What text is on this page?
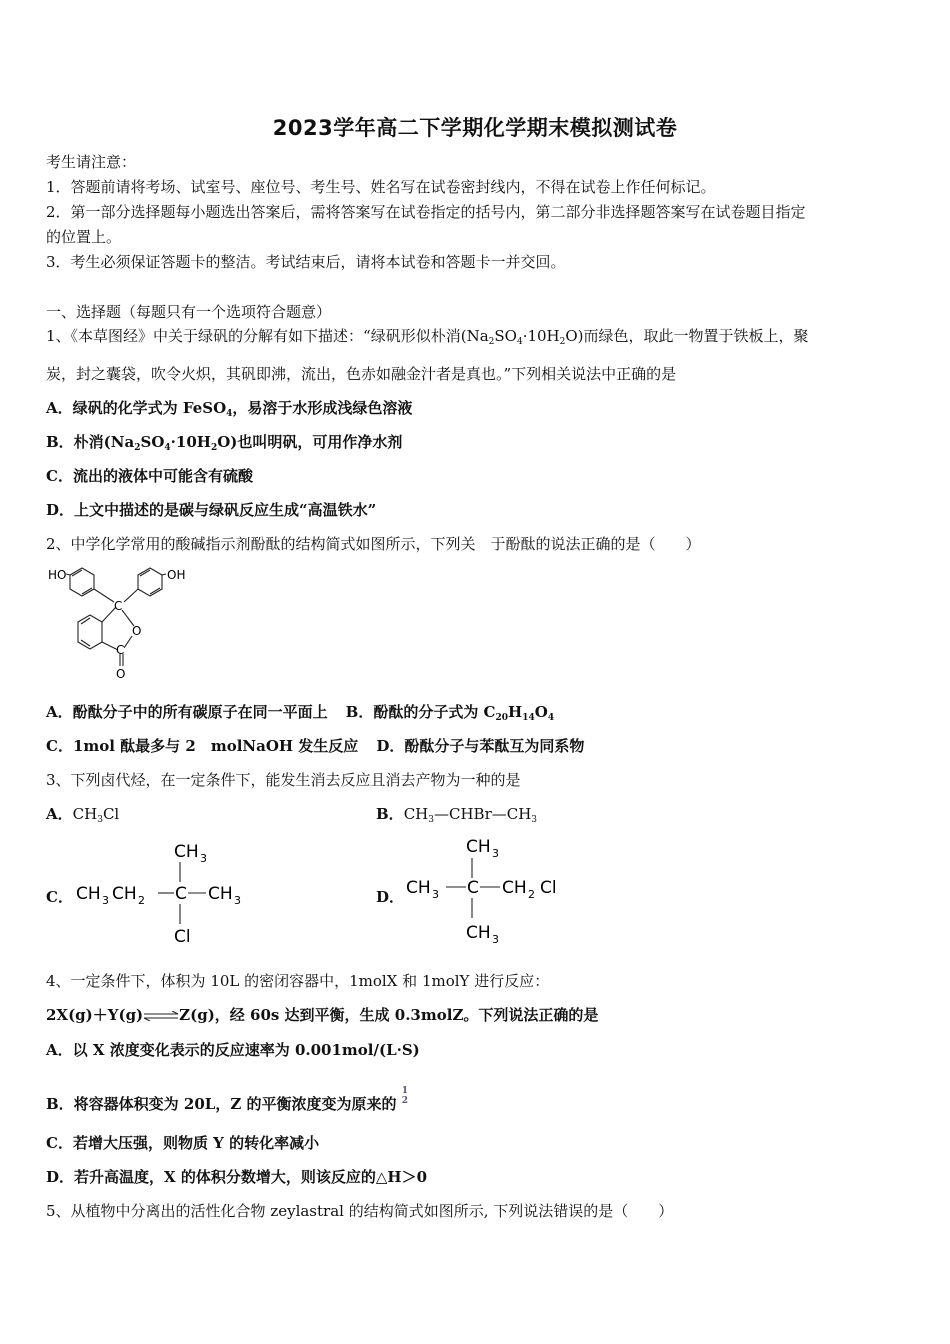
2023学年高二下学期化学期末模拟测试卷
考生请注意：
1．答题前请将考场、试室号、座位号、考生号、姓名写在试卷密封线内，不得在试卷上作任何标记。
2．第一部分选择题每小题选出答案后，需将答案写在试卷指定的括号内，第二部分非选择题答案写在试卷题目指定
的位置上。
3．考生必须保证答题卡的整洁。考试结束后，请将本试卷和答题卡一并交回。
一、选择题（每题只有一个选项符合题意）
1、《本草图经》中关于绿矾的分解有如下描述：“绿矾形似朴消$(Na_2SO_4\cdot 10H_2O)$而绿色，取此一物置于铁板上，聚
炭，封之囊袋，吹令火炽，其矾即沸，流出，色赤如融金汁者是真也。”下列相关说法中正确的是
A．绿矾的化学式为 FeSO$_4$，易溶于水形成浅绿色溶液
B．朴消$(Na_2SO_4\cdot 10H_2O)$也叫明矾，可用作净水剂
C．流出的液体中可能含有硫酸
D．上文中描述的是碳与绿矾反应生成“高温铁水”
2、中学化学常用的酸碱指示剂酚酞的结构简式如图所示，下列关　于酚酞的说法正确的是（　　）
HO	OH
C
O
C
O
A．酚酞分子中的所有碳原子在同一平面上 B．酚酞的分子式为 $C_{20}H_{14}O_4$
C．1mol 酞最多与 2　molNaOH 发生反应 D．酚酞分子与苯酞互为同系物
3、下列卤代烃，在一定条件下，能发生消去反应且消去产物为一种的是
A．$CH_3Cl$	B．$CH_3—CHBr—CH_3$
C．
CH 3
CH 3 CH 2 C CH 3
Cl
D．
CH 3
CH 3 C CH 2 Cl
CH 3
4、一定条件下，体积为 10L 的密闭容器中，1molX 和 1molY 进行反应：
2X(g)＋Y(g)⇌Z(g)，经 60s 达到平衡，生成 0.3molZ。下列说法正确的是
A．以 X 浓度变化表示的反应速率为 0.001mol/(L·S)
B．将容器体积变为 20L，Z 的平衡浓度变为原来的 1
2
C．若增大压强，则物质 Y 的转化率减小
D．若升高温度，X 的体积分数增大，则该反应的△H＞0
5、从植物中分离出的活性化合物 zeylastral 的结构简式如图所示, 下列说法错误的是（　　）
